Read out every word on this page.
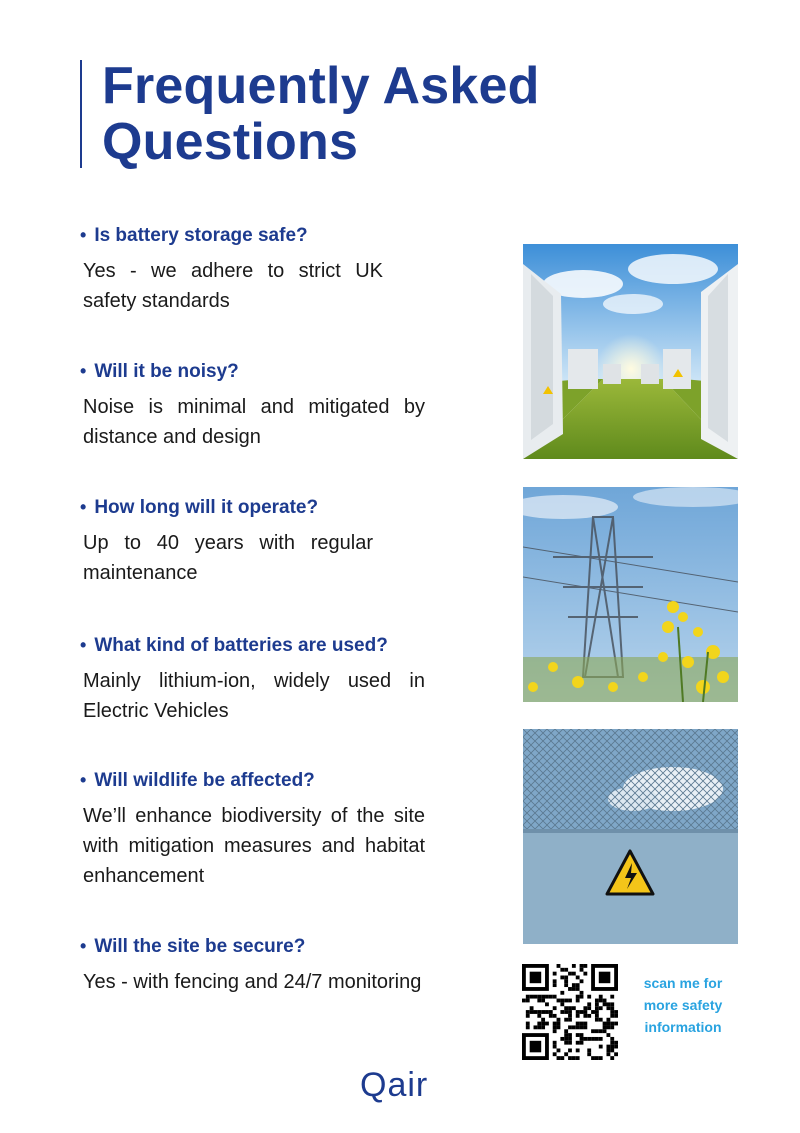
Frequently Asked
Questions

• Is battery storage safe?

Yes - we adhere to strict UK safety standards

• Will it be noisy?

Noise is minimal and mitigated by distance and design

• How long will it operate?

Up to 40 years with regular maintenance

• What kind of batteries are used?

Mainly lithium-ion, widely used in Electric Vehicles

• Will wildlife be affected?

We’ll enhance biodiversity of the site with mitigation measures and habitat enhancement

• Will the site be secure?

Yes - with fencing and 24/7 monitoring	scan me for
more safety
information
Qair
